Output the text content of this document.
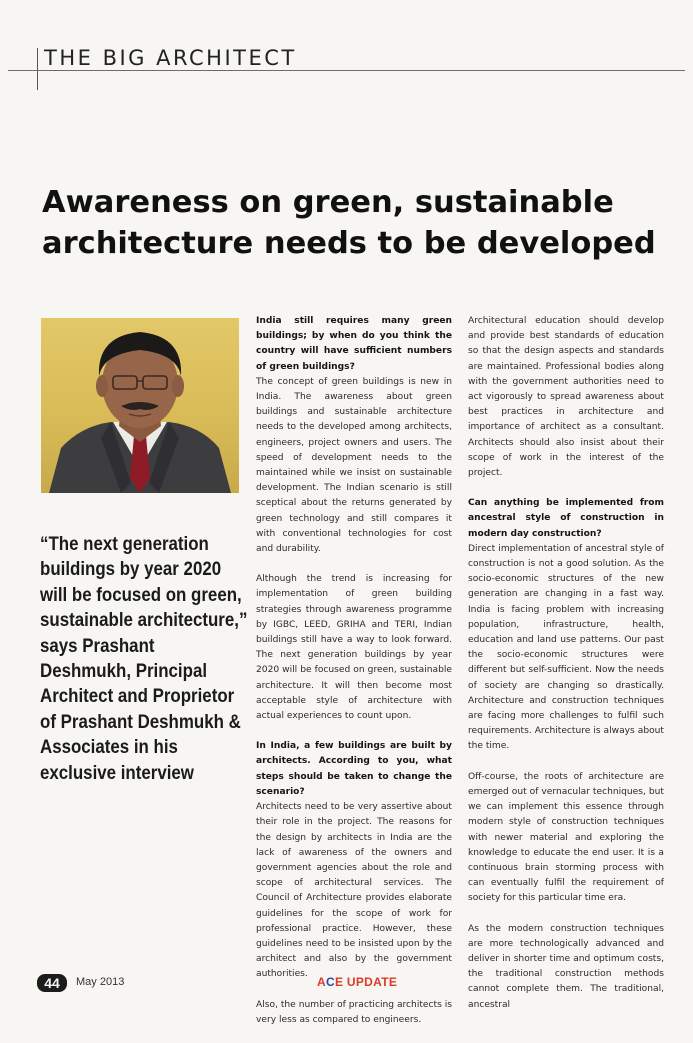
THE BIG ARCHITECT
Awareness on green, sustainable architecture needs to be developed
“The next generation buildings by year 2020 will be focused on green, sustainable architecture,” says Prashant Deshmukh, Principal Architect and Proprietor of Prashant Deshmukh & Associates in his exclusive interview

India still requires many green buildings; by when do you think the country will have sufficient numbers of green buildings?

The concept of green buildings is new in India. The awareness about green buildings and sustainable architecture needs to the developed among architects, engineers, project owners and users. The speed of development needs to the maintained while we insist on sustainable development. The Indian scenario is still sceptical about the returns generated by green technology and still compares it with conventional technologies for cost and durability.

Although the trend is increasing for implementation of green building strategies through awareness programme by IGBC, LEED, GRIHA and TERI, Indian buildings still have a way to look forward. The next generation buildings by year 2020 will be focused on green, sustainable architecture. It will then become most acceptable style of architecture with actual experiences to count upon.

In India, a few buildings are built by architects. According to you, what steps should be taken to change the scenario?

Architects need to be very assertive about their role in the project. The reasons for the design by architects in India are the lack of awareness of the owners and government agencies about the role and scope of architectural services. The Council of Architecture provides elaborate guidelines for the scope of work for professional practice. However, these guidelines need to be insisted upon by the architect and also by the government authorities.

Also, the number of practicing architects is very less as compared to engineers.

Architectural education should develop and provide best standards of education so that the design aspects and standards are maintained. Professional bodies along with the government authorities need to act vigorously to spread awareness about best practices in architecture and importance of architect as a consultant. Architects should also insist about their scope of work in the interest of the project.

Can anything be implemented from ancestral style of construction in modern day construction?

Direct implementation of ancestral style of construction is not a good solution. As the socio-economic structures of the new generation are changing in a fast way. India is facing problem with increasing population, infrastructure, health, education and land use patterns. Our past the socio-economic structures were different but self-sufficient. Now the needs of society are changing so drastically. Architecture and construction techniques are facing more challenges to fulfil such requirements. Architecture is always about the time.

Off-course, the roots of architecture are emerged out of vernacular techniques, but we can implement this essence through modern style of construction techniques with newer material and exploring the knowledge to educate the end user. It is a continuous brain storming process with can eventually fulfil the requirement of society for this particular time era.

As the modern construction techniques are more technologically advanced and deliver in shorter time and optimum costs, the traditional construction methods cannot complete them. The traditional, ancestral

44	May 2013	ACE UPDATE
